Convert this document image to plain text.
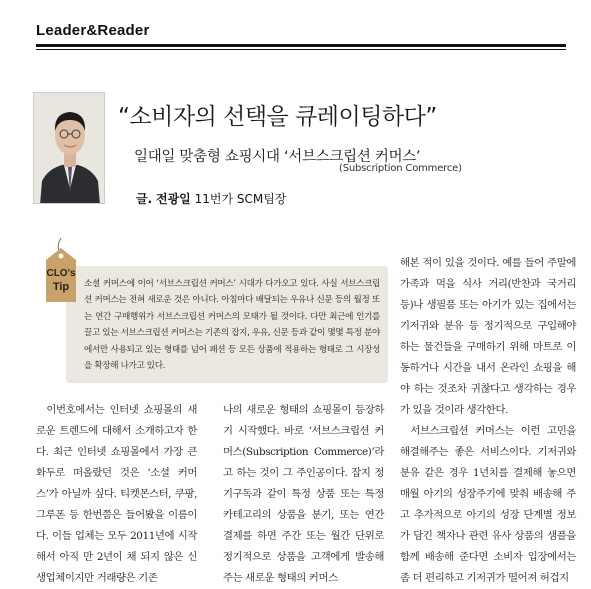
Leader&Reader
“소비자의 선택을 큐레이팅하다”
일대일 맞춤형 쇼핑시대 ‘서브스크립션 커머스’
(Subscription Commerce)
글. 전광일 11번가 SCM팀장
소셜 커머스에 이어 ‘서브스크립션 커머스’ 시대가 다가오고 있다. 사실 서브스크립션 커머스는 전혀 새로운 것은 아니다. 아침마다 배달되는 우유나 신문 등의 월정 또는 연간 구매행위가 서브스크립션 커머스의 모태가 될 것이다. 다만 최근에 인기를 끌고 있는 서브스크립션 커머스는 기존의 잡지, 우유, 신문 등과 같이 몇몇 특정 분야에서만 사용되고 있는 형태를 넘어 패션 등 모든 상품에 적용하는 형태로 그 시장성을 확장해 나가고 있다.
CLO's
Tip

이번호에서는 인터넷 쇼핑몰의 새로운 트렌드에 대해서 소개하고자 한다. 최근 인터넷 쇼핑몰에서 가장 큰 화두로 떠올랐던 것은 ‘소셜 커머스’가 아닐까 싶다. 티켓몬스터, 쿠팡, 그루폰 등 한번쯤은 들어봤을 이름이다. 이들 업체는 모두 2011년에 시작해서 아직 만 2년이 채 되지 않은 신생업체이지만 거래량은 기존

나의 새로운 형태의 쇼핑몰이 등장하기 시작했다. 바로 ‘서브스크립션 커머스(Subscription Commerce)’라고 하는 것이 그 주인공이다. 잡지 정기구독과 같이 특정 상품 또는 특정 카테고리의 상품을 분기, 또는 연간 결제를 하면 주간 또는 월간 단위로 정기적으로 상품을 고객에게 발송해주는 새로운 형태의 커머스

해본 적이 있을 것이다. 예를 들어 주말에 가족과 먹을 식사 거리(반찬과 국거리 등)나 생필품 또는 아기가 있는 집에서는 기저귀와 분유 등 정기적으로 구입해야 하는 물건들을 구매하기 위해 마트로 이동하거나 시간을 내서 온라인 쇼핑을 해야 하는 것조차 귀찮다고 생각하는 경우가 있을 것이라 생각한다.

서브스크립션 커머스는 이런 고민을 해결해주는 좋은 서비스이다. 기저귀와 분유 같은 경우 1년치를 결제해 놓으면 매월 아기의 성장주기에 맞춰 배송해 주고 추가적으로 아기의 성장 단계별 정보가 담긴 책자나 관련 유사 상품의 샘플을 함께 배송해 준다면 소비자 입장에서는 좀 더 편리하고 기저귀가 떨어져 허겁지
